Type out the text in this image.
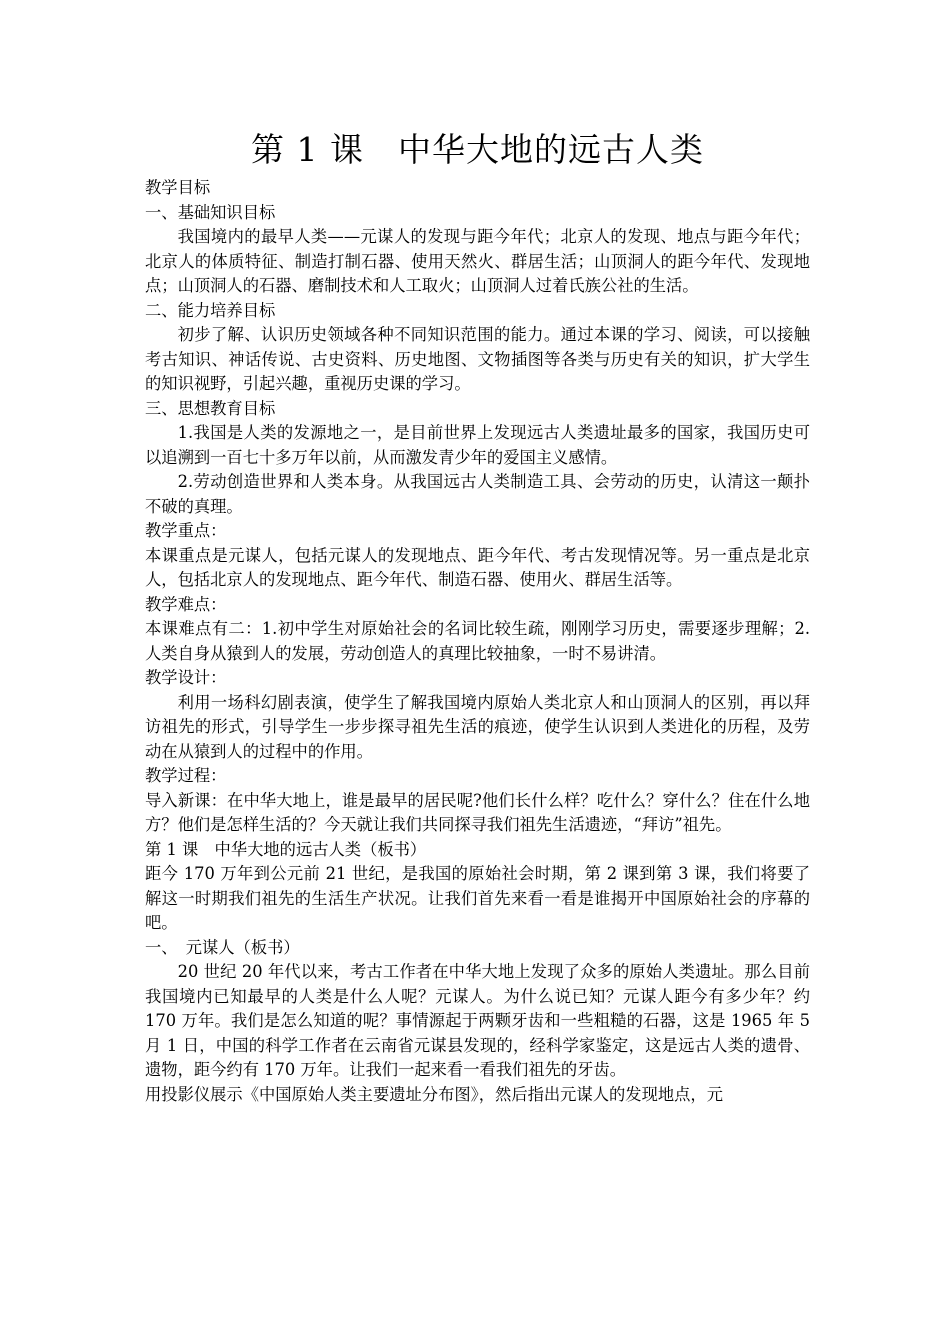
第 1 课　中华大地的远古人类

教学目标

一、基础知识目标

我国境内的最早人类——元谋人的发现与距今年代；北京人的发现、地点与距今年代；北京人的体质特征、制造打制石器、使用天然火、群居生活；山顶洞人的距今年代、发现地点；山顶洞人的石器、磨制技术和人工取火；山顶洞人过着氏族公社的生活。

二、能力培养目标

初步了解、认识历史领域各种不同知识范围的能力。通过本课的学习、阅读，可以接触考古知识、神话传说、古史资料、历史地图、文物插图等各类与历史有关的知识，扩大学生的知识视野，引起兴趣，重视历史课的学习。

三、思想教育目标

1.我国是人类的发源地之一，是目前世界上发现远古人类遗址最多的国家，我国历史可以追溯到一百七十多万年以前，从而激发青少年的爱国主义感情。

2.劳动创造世界和人类本身。从我国远古人类制造工具、会劳动的历史，认清这一颠扑不破的真理。

教学重点：

本课重点是元谋人，包括元谋人的发现地点、距今年代、考古发现情况等。另一重点是北京人，包括北京人的发现地点、距今年代、制造石器、使用火、群居生活等。

教学难点：

本课难点有二：1.初中学生对原始社会的名词比较生疏，刚刚学习历史，需要逐步理解；2.人类自身从猿到人的发展，劳动创造人的真理比较抽象，一时不易讲清。

教学设计：

利用一场科幻剧表演，使学生了解我国境内原始人类北京人和山顶洞人的区别，再以拜访祖先的形式，引导学生一步步探寻祖先生活的痕迹，使学生认识到人类进化的历程，及劳动在从猿到人的过程中的作用。

教学过程：

导入新课：在中华大地上，谁是最早的居民呢?他们长什么样？吃什么？穿什么？住在什么地方？他们是怎样生活的？今天就让我们共同探寻我们祖先生活遗迹，“拜访”祖先。

第 1 课　中华大地的远古人类（板书）

距今 170 万年到公元前 21 世纪，是我国的原始社会时期，第 2 课到第 3 课，我们将要了解这一时期我们祖先的生活生产状况。让我们首先来看一看是谁揭开中国原始社会的序幕的吧。

一、　元谋人（板书）

20 世纪 20 年代以来，考古工作者在中华大地上发现了众多的原始人类遗址。那么目前我国境内已知最早的人类是什么人呢？元谋人。为什么说已知？元谋人距今有多少年？约 170 万年。我们是怎么知道的呢？事情源起于两颗牙齿和一些粗糙的石器，这是 1965 年 5 月 1 日，中国的科学工作者在云南省元谋县发现的，经科学家鉴定，这是远古人类的遗骨、遗物，距今约有 170 万年。让我们一起来看一看我们祖先的牙齿。

用投影仪展示《中国原始人类主要遗址分布图》，然后指出元谋人的发现地点，元
